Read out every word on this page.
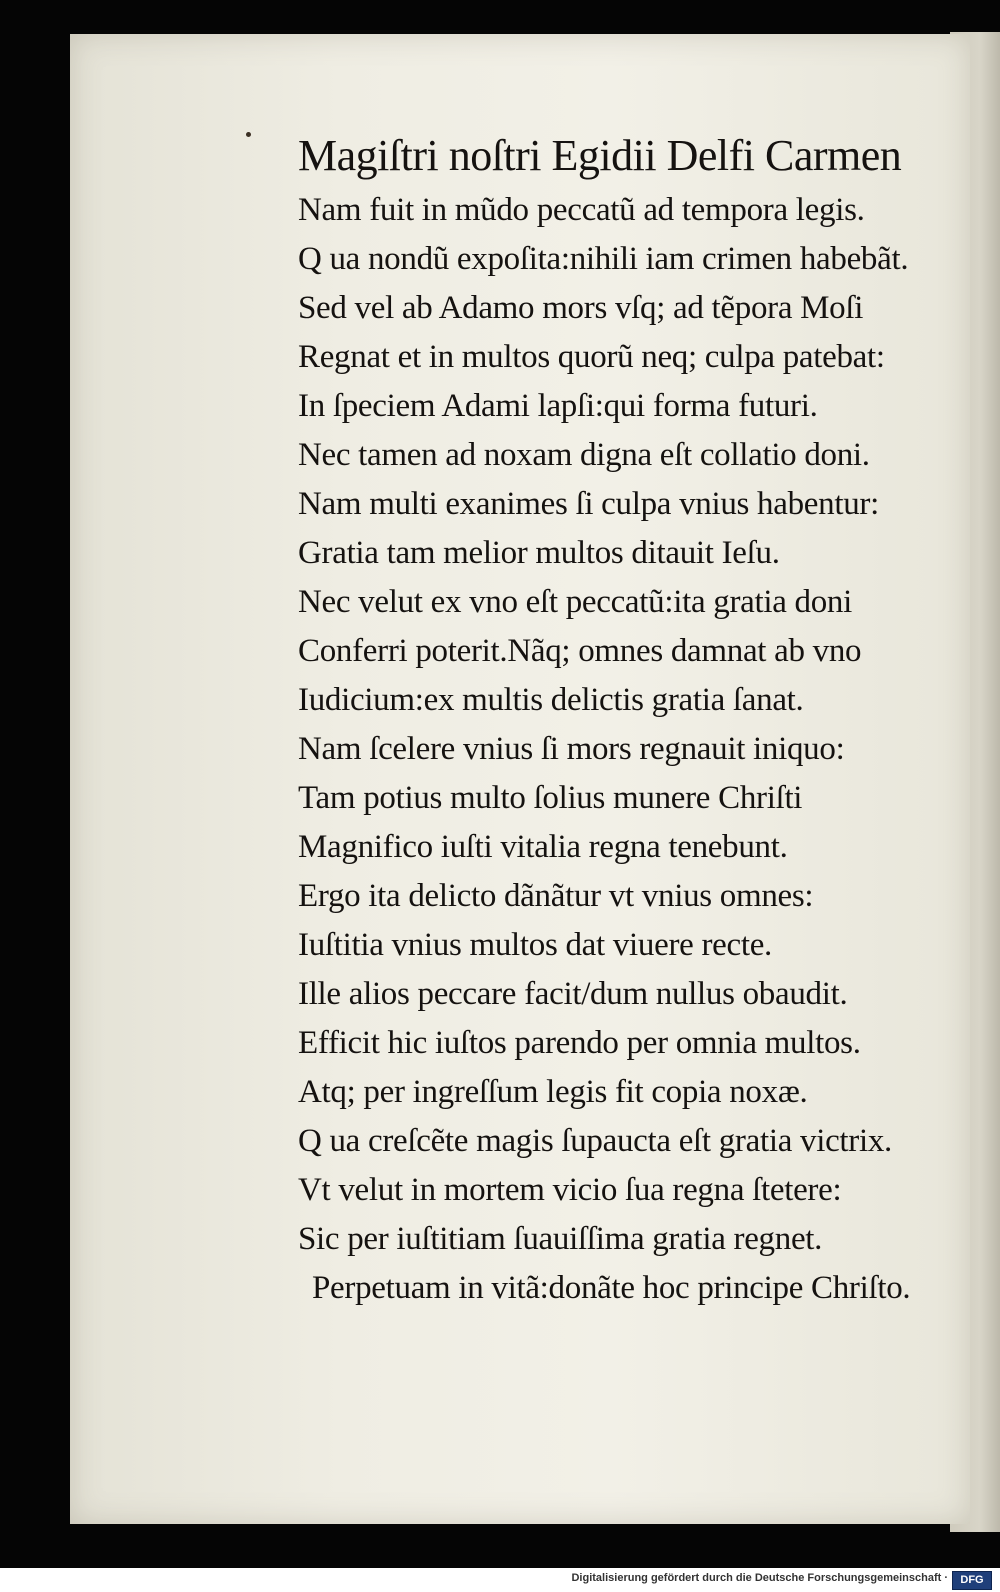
Magiſtri noſtri Egidii Delfi Carmen
Nam fuit in mũdo peccatũ ad tempora legis.
Q ua nondũ expoſita:nihili iam crimen habebãt.
Sed vel ab Adamo mors vſq; ad tẽpora Moſi
Regnat et in multos quorũ neq; culpa patebat:
In ſpeciem Adami lapſi:qui forma futuri.
Nec tamen ad noxam digna eſt collatio doni.
Nam multi exanimes ſi culpa vnius habentur:
Gratia tam melior multos ditauit Ieſu.
Nec velut ex vno eſt peccatũ:ita gratia doni
Conferri poterit.Nãq; omnes damnat ab vno
Iudicium:ex multis delictis gratia ſanat.
Nam ſcelere vnius ſi mors regnauit iniquo:
Tam potius multo ſolius munere Chriſti
Magnifico iuſti vitalia regna tenebunt.
Ergo ita delicto dãnãtur vt vnius omnes:
Iuſtitia vnius multos dat viuere recte.
Ille alios peccare facit/dum nullus obaudit.
Efficit hic iuſtos parendo per omnia multos.
Atq; per ingreſſum legis fit copia noxæ.
Q ua creſcẽte magis ſupaucta eſt gratia victrix.
Vt velut in mortem vicio ſua regna ſtetere:
Sic per iuſtitiam ſuauiſſima gratia regnet.
Perpetuam in vitã:donãte hoc principe Chriſto.
Digitalisierung gefördert durch die Deutsche Forschungsgemeinschaft ·	DFG
